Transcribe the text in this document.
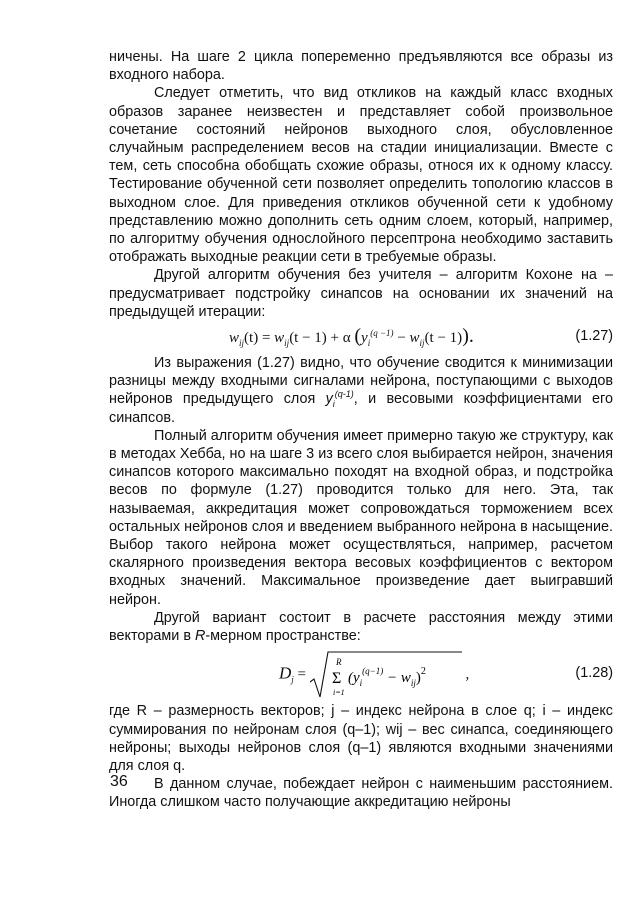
ничены. На шаге 2 цикла попеременно предъявляются все образы из входного набора.

Следует отметить, что вид откликов на каждый класс входных образов заранее неизвестен и представляет собой произвольное сочетание состояний нейронов выходного слоя, обусловленное случайным распределением весов на стадии инициализации. Вместе с тем, сеть способна обобщать схожие образы, относя их к одному классу. Тестирование обученной сети позволяет определить топологию классов в выходном слое. Для приведения откликов обученной сети к удобному представлению можно дополнить сеть одним слоем, который, например, по алгоритму обучения однослойного персептрона необходимо заставить отображать выходные реакции сети в требуемые образы.

Другой алгоритм обучения без учителя – алгоритм Кохоне на – предусматривает подстройку синапсов на основании их значений на предыдущей итерации:

$w_{ij}(t) = w_{ij}(t - 1) + \alpha$ $(y_i^{(q -1)} - w_{ij}(t - 1))$.	(1.27)

Из выражения (1.27) видно, что обучение сводится к минимизации разницы между входными сигналами нейрона, поступающими с выходов нейронов предыдущего слоя $y_i^{(q-1)}$, и весовыми коэффициентами его синапсов.

Полный алгоритм обучения имеет примерно такую же структуру, как в методах Хебба, но на шаге 3 из всего слоя выбирается нейрон, значения синапсов которого максимально походят на входной образ, и подстройка весов по формуле (1.27) проводится только для него. Эта, так называемая, аккредитация может сопровождаться торможением всех остальных нейронов слоя и введением выбранного нейрона в насыщение. Выбор такого нейрона может осуществляться, например, расчетом скалярного произведения вектора весовых коэффициентов с вектором входных значений. Максимальное произведение дает выигравший нейрон.

Другой вариант состоит в расчете расстояния между этими векторами в R-мерном пространстве:

$D_j$ =
R
Σ
i=1
$(y_i^{(q-1)} - w_{ij})^2$ ,	(1.28)

где R – размерность векторов; j – индекс нейрона в слое q; i – индекс суммирования по нейронам слоя (q–1); wij – вес синапса, соединяющего нейроны; выходы нейронов слоя (q–1) являются входными значениями для слоя q.

В данном случае, побеждает нейрон с наименьшим расстоянием. Иногда слишком часто получающие аккредитацию нейроны

36
